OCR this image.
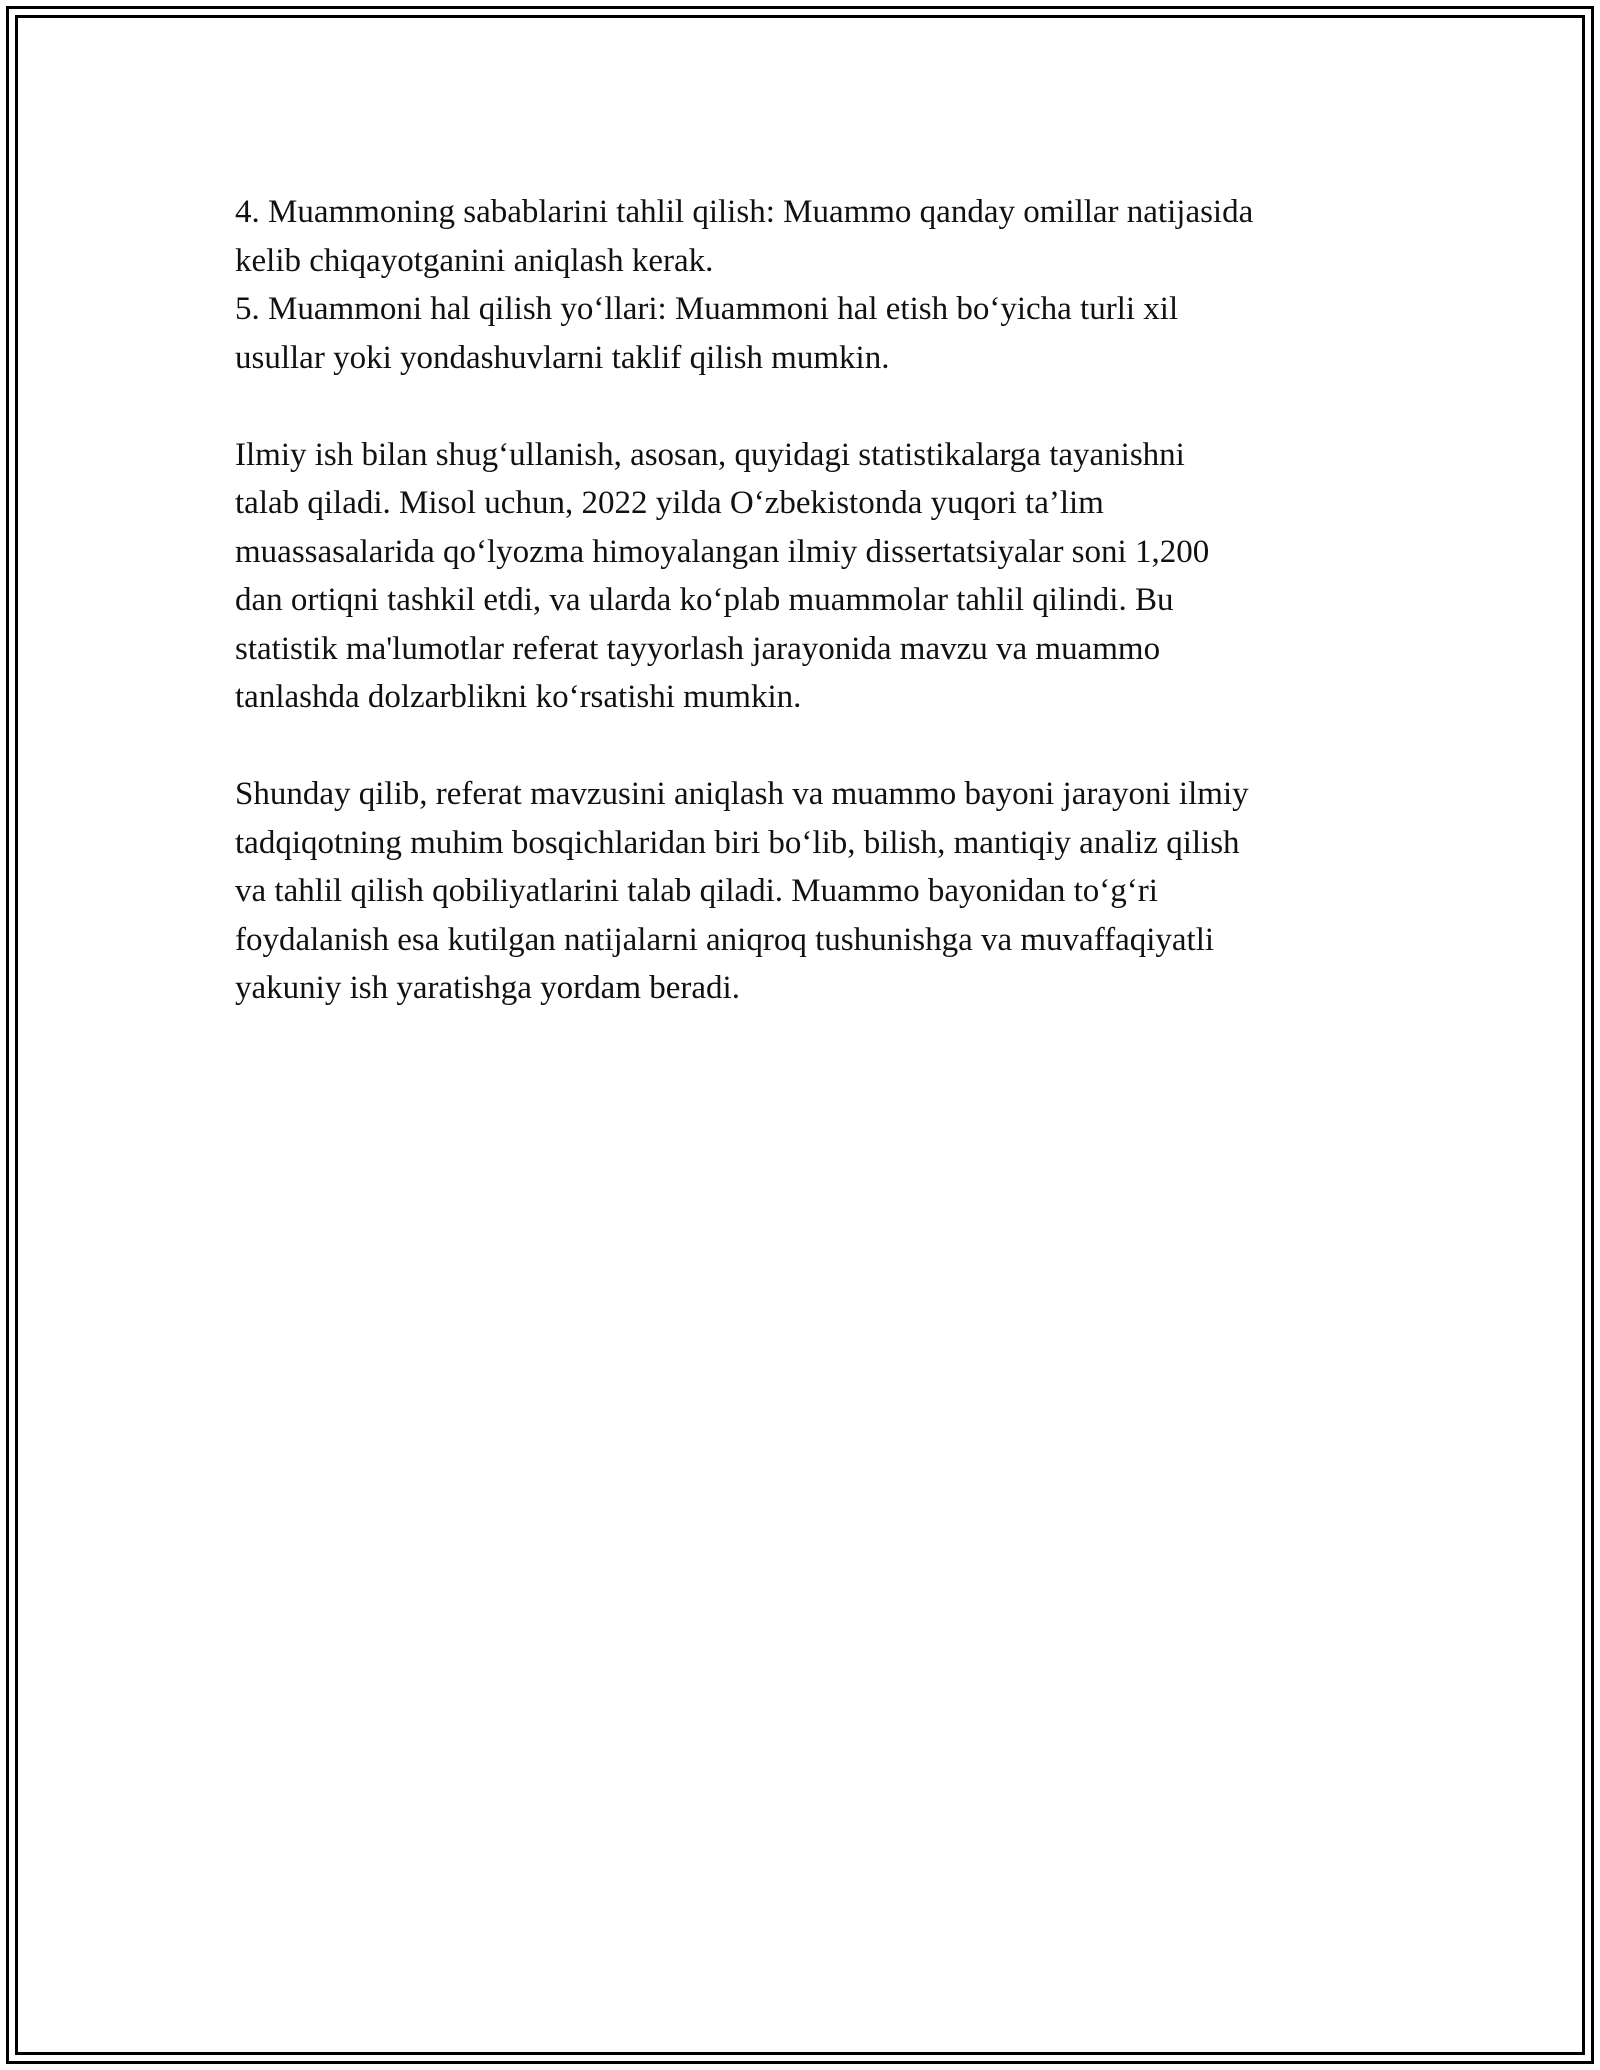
4. Muammoning sabablarini tahlil qilish: Muammo qanday omillar natijasida
kelib chiqayotganini aniqlash kerak.
5. Muammoni hal qilish yo‘llari: Muammoni hal etish bo‘yicha turli xil
usullar yoki yondashuvlarni taklif qilish mumkin.
Ilmiy ish bilan shug‘ullanish, asosan, quyidagi statistikalarga tayanishni
talab qiladi. Misol uchun, 2022 yilda O‘zbekistonda yuqori ta’lim
muassasalarida qo‘lyozma himoyalangan ilmiy dissertatsiyalar soni 1,200
dan ortiqni tashkil etdi, va ularda ko‘plab muammolar tahlil qilindi. Bu
statistik ma'lumotlar referat tayyorlash jarayonida mavzu va muammo
tanlashda dolzarblikni ko‘rsatishi mumkin.
Shunday qilib, referat mavzusini aniqlash va muammo bayoni jarayoni ilmiy
tadqiqotning muhim bosqichlaridan biri bo‘lib, bilish, mantiqiy analiz qilish
va tahlil qilish qobiliyatlarini talab qiladi. Muammo bayonidan to‘g‘ri
foydalanish esa kutilgan natijalarni aniqroq tushunishga va muvaffaqiyatli
yakuniy ish yaratishga yordam beradi.
